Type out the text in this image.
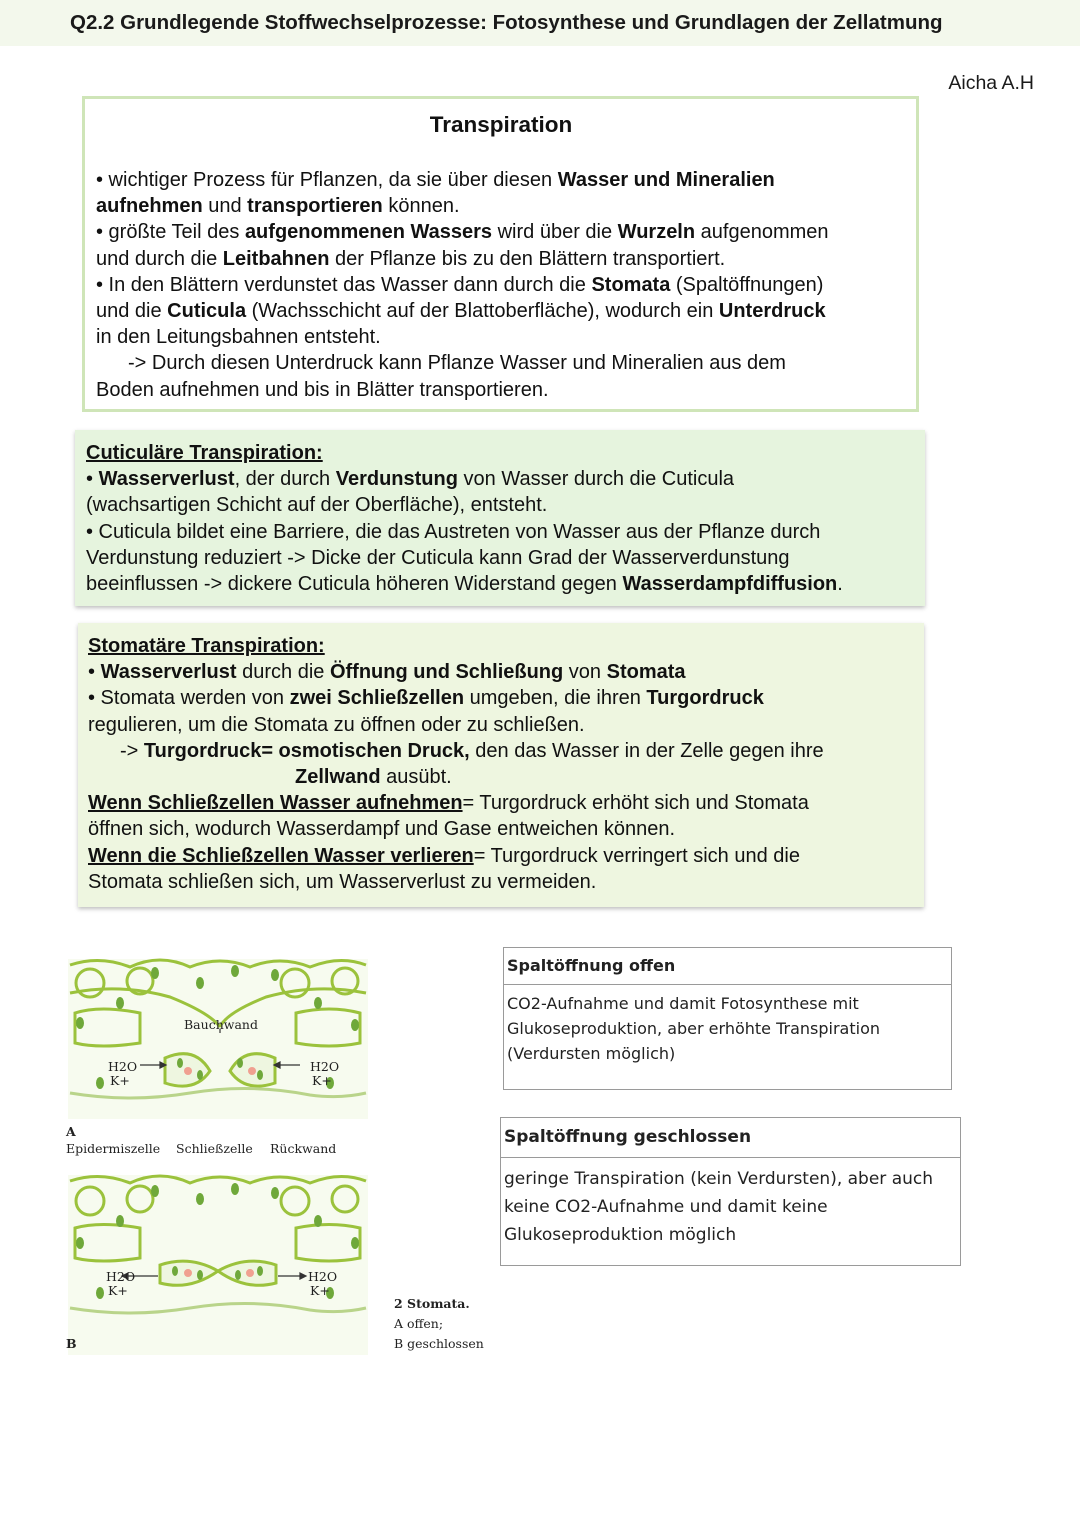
Q2.2 Grundlegende Stoffwechselprozesse: Fotosynthese und Grundlagen der Zellatmung
Aicha A.H
Transpiration

• wichtiger Prozess für Pflanzen, da sie über diesen Wasser und Mineralien

aufnehmen und transportieren können.

• größte Teil des aufgenommenen Wassers wird über die Wurzeln aufgenommen

und durch die Leitbahnen der Pflanze bis zu den Blättern transportiert.

• In den Blättern verdunstet das Wasser dann durch die Stomata (Spaltöffnungen)

und die Cuticula (Wachsschicht auf der Blattoberfläche), wodurch ein Unterdruck

in den Leitungsbahnen entsteht.

-> Durch diesen Unterdruck kann Pflanze Wasser und Mineralien aus dem

Boden aufnehmen und bis in Blätter transportieren.

Cuticuläre Transpiration:

• Wasserverlust, der durch Verdunstung von Wasser durch die Cuticula

(wachsartigen Schicht auf der Oberfläche), entsteht.

• Cuticula bildet eine Barriere, die das Austreten von Wasser aus der Pflanze durch

Verdunstung reduziert -> Dicke der Cuticula kann Grad der Wasserverdunstung

beeinflussen -> dickere Cuticula höheren Widerstand gegen Wasserdampfdiffusion.

Stomatäre Transpiration:

• Wasserverlust durch die Öffnung und Schließung von Stomata

• Stomata werden von zwei Schließzellen umgeben, die ihren Turgordruck

regulieren, um die Stomata zu öffnen oder zu schließen.

-> Turgordruck= osmotischen Druck, den das Wasser in der Zelle gegen ihre

Zellwand ausübt.

Wenn Schließzellen Wasser aufnehmen= Turgordruck erhöht sich und Stomata

öffnen sich, wodurch Wasserdampf und Gase entweichen können.

Wenn die Schließzellen Wasser verlieren= Turgordruck verringert sich und die

Stomata schließen sich, um Wasserverlust zu vermeiden.

Bauchwand
H2O
K+
H2O
K+
A
Epidermiszelle Schließzelle Rückwand
H2O
K+
H2O
K+
B
2 Stomata.
A offen;
B geschlossen
Spaltöffnung offen
CO2-Aufnahme und damit Fotosynthese mit
Glukoseproduktion, aber erhöhte Transpiration
(Verdursten möglich)
Spaltöffnung geschlossen
geringe Transpiration (kein Verdursten), aber auch
keine CO2-Aufnahme und damit keine
Glukoseproduktion möglich
